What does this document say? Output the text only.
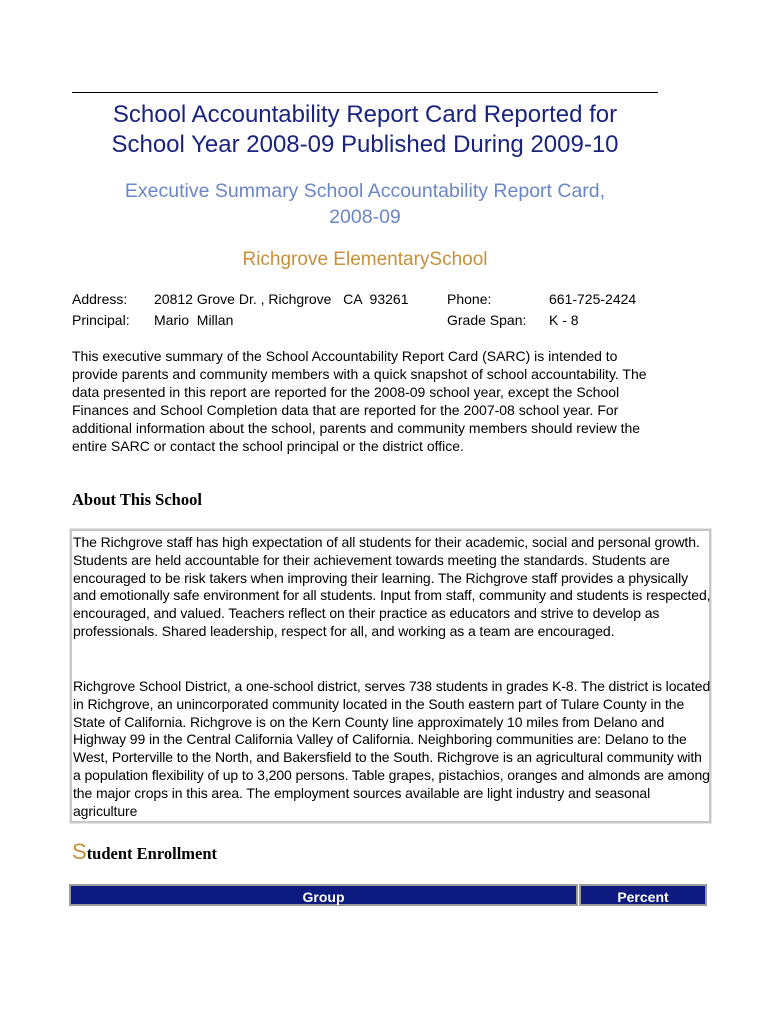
School Accountability Report Card Reported for
School Year 2008-09 Published During 2009-10
Executive Summary School Accountability Report Card,
2008-09
Richgrove ElementarySchool
Address: 20812 Grove Dr. , Richgrove   CA  93261	Phone:	661-725-2424
Principal: Mario  Millan	Grade Span: K - 8
This executive summary of the School Accountability Report Card (SARC) is intended to provide parents and community members with a quick snapshot of school accountability. The data presented in this report are reported for the 2008-09 school year, except the School Finances and School Completion data that are reported for the 2007-08 school year. For additional information about the school, parents and community members should review the entire SARC or contact the school principal or the district office.
About This School

The Richgrove staff has high expectation of all students for their academic, social and personal growth. Students are held accountable for their achievement towards meeting the standards. Students are encouraged to be risk takers when improving their learning. The Richgrove staff provides a physically and emotionally safe environment for all students. Input from staff, community and students is respected, encouraged, and valued. Teachers reflect on their practice as educators and strive to develop as professionals. Shared leadership, respect for all, and working as a team are encouraged.

Richgrove School District, a one-school district, serves 738 students in grades K-8. The district is located in Richgrove, an unincorporated community located in the South eastern part of Tulare County in the State of California. Richgrove is on the Kern County line approximately 10 miles from Delano and Highway 99 in the Central California Valley of California. Neighboring communities are: Delano to the West, Porterville to the North, and Bakersfield to the South. Richgrove is an agricultural community with a population flexibility of up to 3,200 persons. Table grapes, pistachios, oranges and almonds are among the major crops in this area. The employment sources available are light industry and seasonal agriculture

Student Enrollment
Group	Percent
